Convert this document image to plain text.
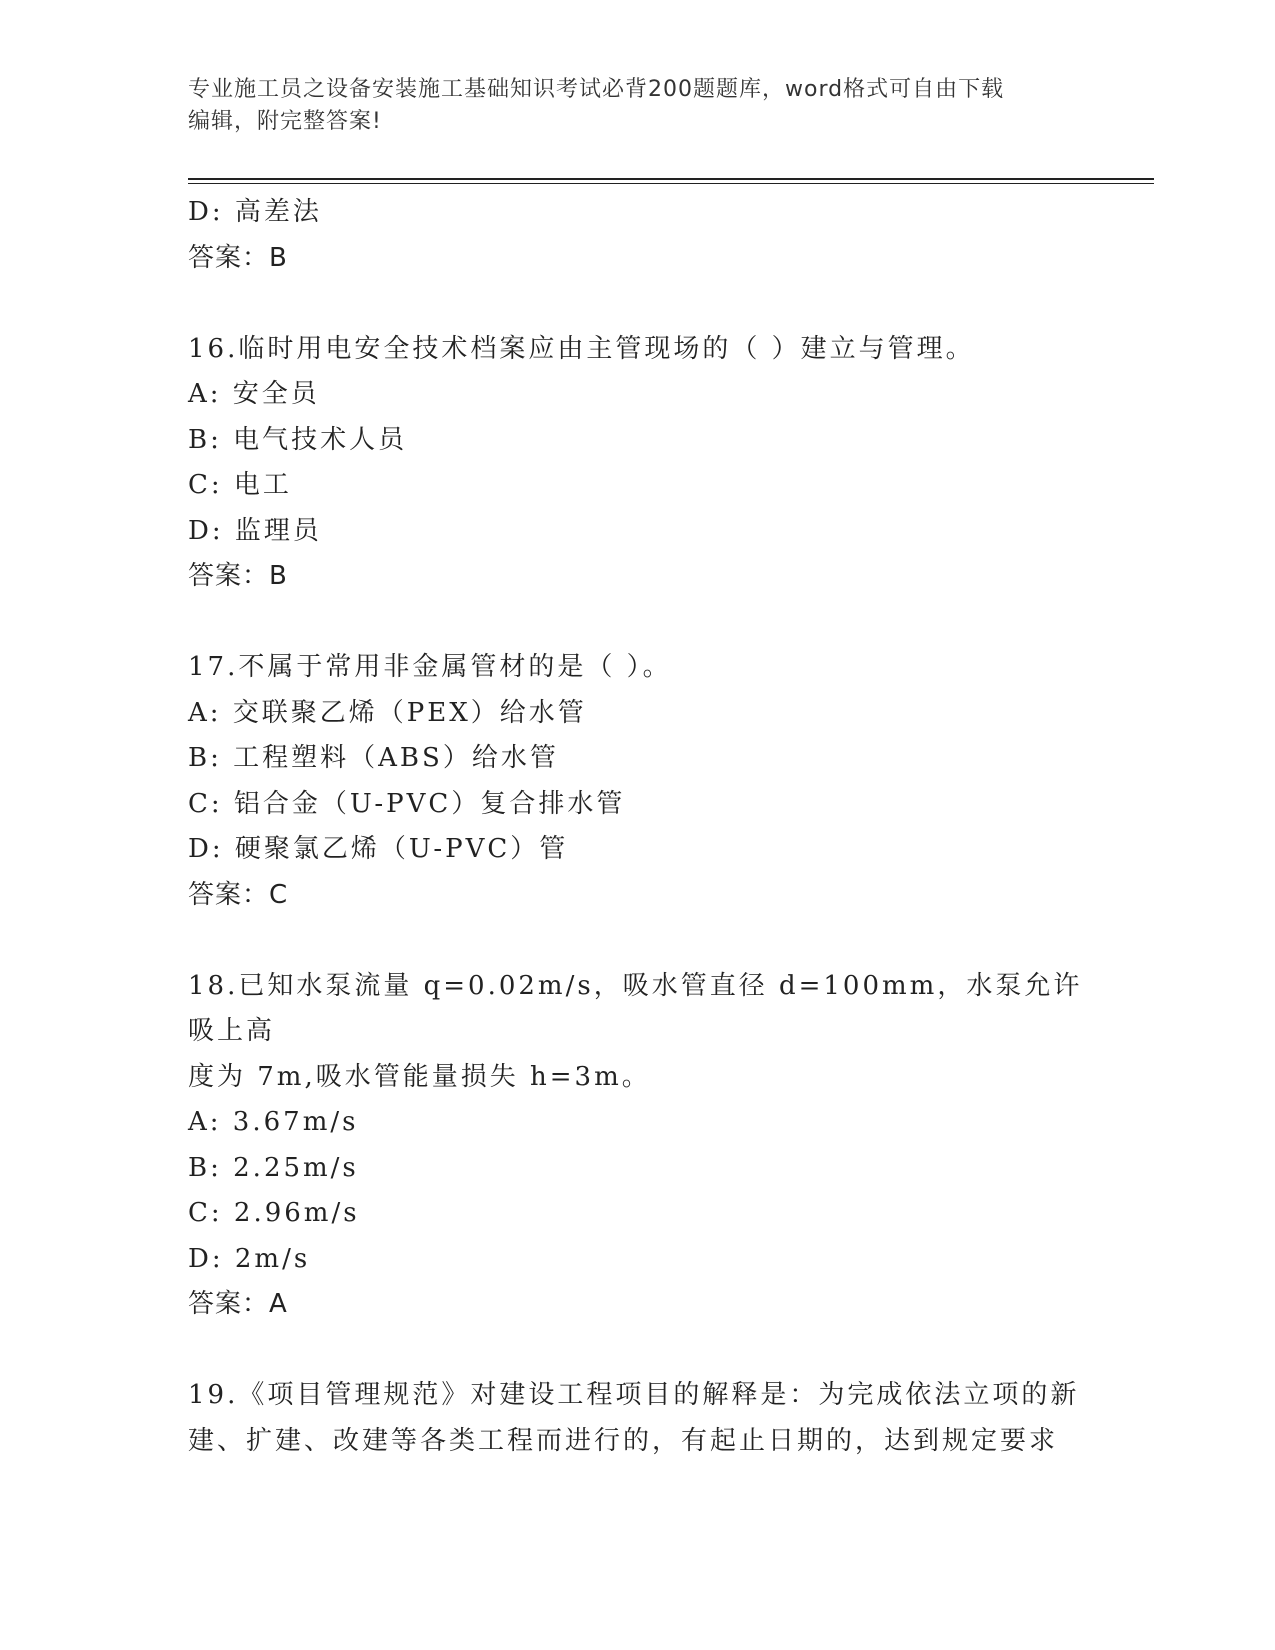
专业施工员之设备安装施工基础知识考试必背200题题库，word格式可自由下载
编辑，附完整答案!
D: 高差法
答案：B
16.临时用电安全技术档案应由主管现场的（ ）建立与管理。
A: 安全员
B: 电气技术人员
C: 电工
D: 监理员
答案：B
17.不属于常用非金属管材的是（ ）。
A: 交联聚乙烯（PEX）给水管
B: 工程塑料（ABS）给水管
C: 铝合金（U-PVC）复合排水管
D: 硬聚氯乙烯（U-PVC）管
答案：C
18.已知水泵流量 q=0.02m/s，吸水管直径 d=100mm，水泵允许吸上高
度为 7m,吸水管能量损失 h=3m。
A: 3.67m/s
B: 2.25m/s
C: 2.96m/s
D: 2m/s
答案：A
19.《项目管理规范》对建设工程项目的解释是：为完成依法立项的新
建、扩建、改建等各类工程而进行的，有起止日期的，达到规定要求
